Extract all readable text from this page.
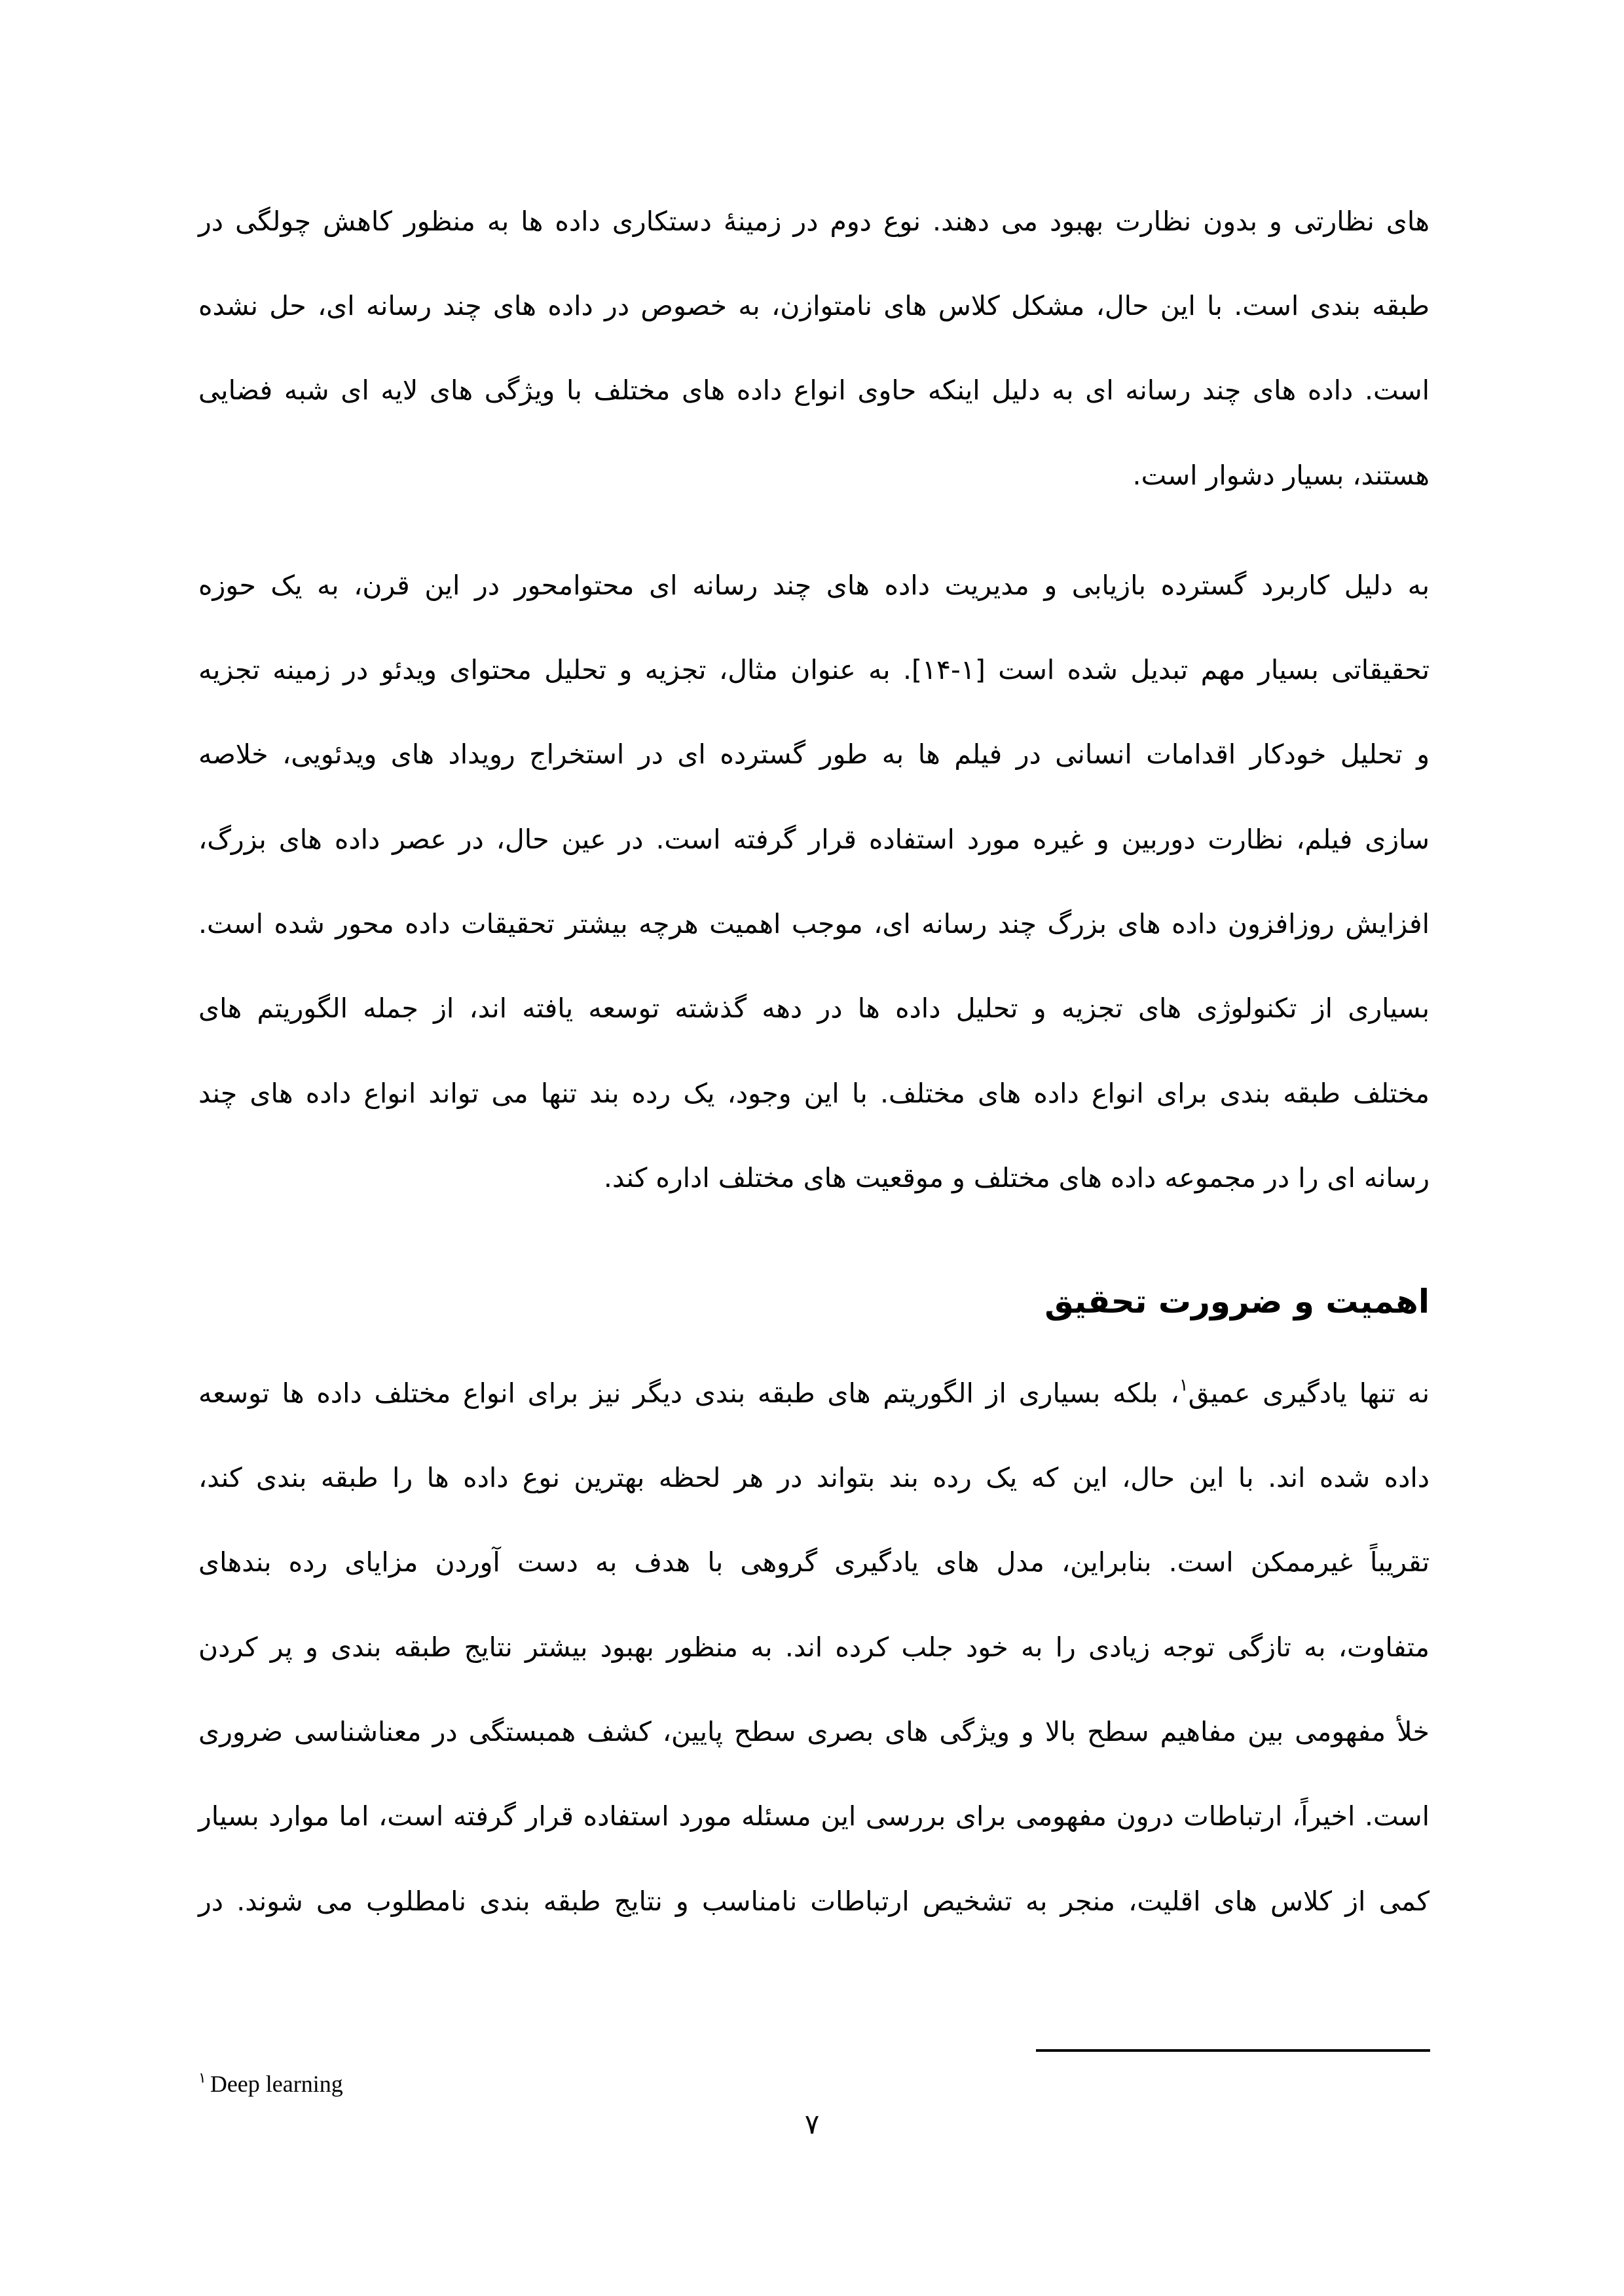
های نظارتی و بدون نظارت بهبود می دهند. نوع دوم در زمینۀ دستکاری داده ها به منظور کاهش چولگی در
طبقه بندی است. با این حال، مشکل کلاس های نامتوازن، به خصوص در داده های چند رسانه ای، حل نشده
است. داده های چند رسانه ای به دلیل اینکه حاوی انواع داده های مختلف با ویژگی های لایه ای شبه فضایی
هستند، بسیار دشوار است.
به دلیل کاربرد گسترده بازیابی و مدیریت داده های چند رسانه ای محتوامحور در این قرن، به یک حوزه
تحقیقاتی بسیار مهم تبدیل شده است [۱-۱۴]. به عنوان مثال، تجزیه و تحلیل محتوای ویدئو در زمینه تجزیه
و تحلیل خودکار اقدامات انسانی در فیلم ها به طور گسترده ای در استخراج رویداد های ویدئویی، خلاصه
سازی فیلم، نظارت دوربین و غیره مورد استفاده قرار گرفته است. در عین حال، در عصر داده های بزرگ،
افزایش روزافزون داده های بزرگ چند رسانه ای، موجب اهمیت هرچه بیشتر تحقیقات داده محور شده است.
بسیاری از تکنولوژی های تجزیه و تحلیل داده ها در دهه گذشته توسعه یافته اند، از جمله الگوریتم های
مختلف طبقه بندی برای انواع داده های مختلف. با این وجود، یک رده بند تنها می تواند انواع داده های چند
رسانه ای را در مجموعه داده های مختلف و موقعیت های مختلف اداره کند.
اهمیت و ضرورت تحقیق
نه تنها یادگیری عمیق$^۱$، بلکه بسیاری از الگوریتم های طبقه بندی دیگر نیز برای انواع مختلف داده ها توسعه
داده شده اند. با این حال، این که یک رده بند بتواند در هر لحظه بهترین نوع داده ها را طبقه بندی کند،
تقریباً غیرممکن است. بنابراین، مدل های یادگیری گروهی با هدف به دست آوردن مزایای رده بندهای
متفاوت، به تازگی توجه زیادی را به خود جلب کرده اند. به منظور بهبود بیشتر نتایج طبقه بندی و پر کردن
خلأ مفهومی بین مفاهیم سطح بالا و ویژگی های بصری سطح پایین، کشف همبستگی در معناشناسی ضروری
است. اخیراً، ارتباطات درون مفهومی برای بررسی این مسئله مورد استفاده قرار گرفته است، اما موارد بسیار
کمی از کلاس های اقلیت، منجر به تشخیص ارتباطات نامناسب و نتایج طبقه بندی نامطلوب می شوند. در
$^۱$ Deep learning
۷
